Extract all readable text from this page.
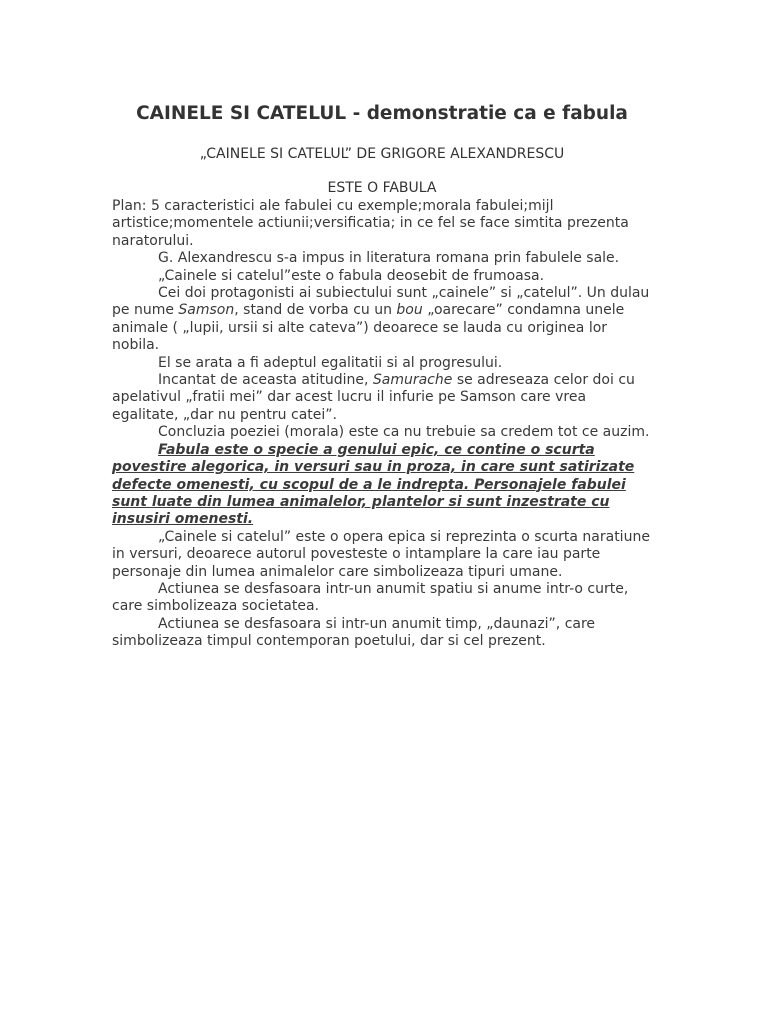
CAINELE SI CATELUL - demonstratie ca e fabula
„CAINELE SI CATELUL” DE GRIGORE ALEXANDRESCU
ESTE O FABULA

Plan: 5 caracteristici ale fabulei cu exemple;morala fabulei;mijl artistice;momentele actiunii;versificatia; in ce fel se face simtita prezenta naratorului.

G. Alexandrescu s-a impus in literatura romana prin fabulele sale.

„Cainele si catelul”este o fabula deosebit de frumoasa.

Cei doi protagonisti ai subiectului sunt „cainele” si „catelul”. Un dulau pe nume Samson, stand de vorba cu un bou „oarecare” condamna unele animale ( „lupii, ursii si alte cateva”) deoarece se lauda cu originea lor nobila.

El se arata a fi adeptul egalitatii si al progresului.

Incantat de aceasta atitudine, Samurache se adreseaza celor doi cu apelativul „fratii mei” dar acest lucru il infurie pe Samson care vrea egalitate, „dar nu pentru catei”.

Concluzia poeziei (morala) este ca nu trebuie sa credem tot ce auzim.

Fabula este o specie a genului epic, ce contine o scurta povestire alegorica, in versuri sau in proza, in care sunt satirizate defecte omenesti, cu scopul de a le indrepta. Personajele fabulei sunt luate din lumea animalelor, plantelor si sunt inzestrate cu insusiri omenesti.

„Cainele si catelul” este o opera epica si reprezinta o scurta naratiune in versuri, deoarece autorul povesteste o intamplare la care iau parte personaje din lumea animalelor care simbolizeaza tipuri umane.

Actiunea se desfasoara intr-un anumit spatiu si anume intr-o curte, care simbolizeaza societatea.

Actiunea se desfasoara si intr-un anumit timp, „daunazi”, care simbolizeaza timpul contemporan poetului, dar si cel prezent.
